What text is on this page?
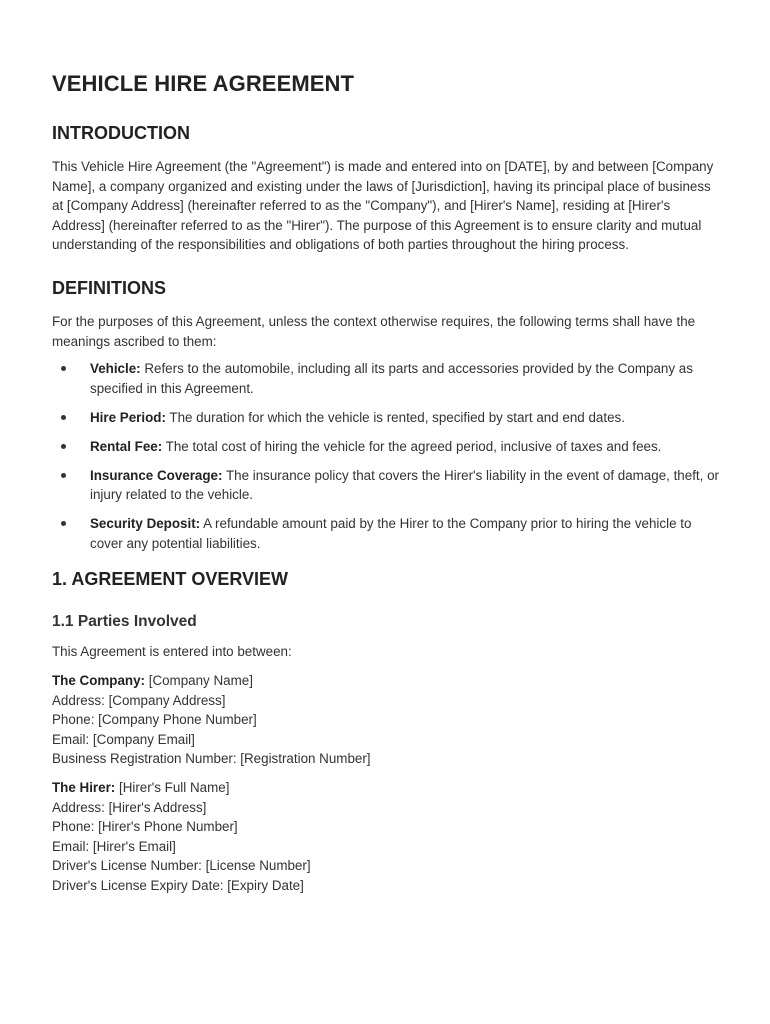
VEHICLE HIRE AGREEMENT
INTRODUCTION

This Vehicle Hire Agreement (the "Agreement") is made and entered into on [DATE], by and between [Company Name], a company organized and existing under the laws of [Jurisdiction], having its principal place of business at [Company Address] (hereinafter referred to as the "Company"), and [Hirer's Name], residing at [Hirer's Address] (hereinafter referred to as the "Hirer"). The purpose of this Agreement is to ensure clarity and mutual understanding of the responsibilities and obligations of both parties throughout the hiring process.

DEFINITIONS

For the purposes of this Agreement, unless the context otherwise requires, the following terms shall have the meanings ascribed to them:

Vehicle: Refers to the automobile, including all its parts and accessories provided by the Company as specified in this Agreement.
Hire Period: The duration for which the vehicle is rented, specified by start and end dates.
Rental Fee: The total cost of hiring the vehicle for the agreed period, inclusive of taxes and fees.
Insurance Coverage: The insurance policy that covers the Hirer's liability in the event of damage, theft, or injury related to the vehicle.
Security Deposit: A refundable amount paid by the Hirer to the Company prior to hiring the vehicle to cover any potential liabilities.
1. AGREEMENT OVERVIEW
1.1 Parties Involved

This Agreement is entered into between:

The Company: [Company Name]

Address: [Company Address]

Phone: [Company Phone Number]

Email: [Company Email]

Business Registration Number: [Registration Number]

The Hirer: [Hirer's Full Name]

Address: [Hirer's Address]

Phone: [Hirer's Phone Number]

Email: [Hirer's Email]

Driver's License Number: [License Number]

Driver's License Expiry Date: [Expiry Date]
